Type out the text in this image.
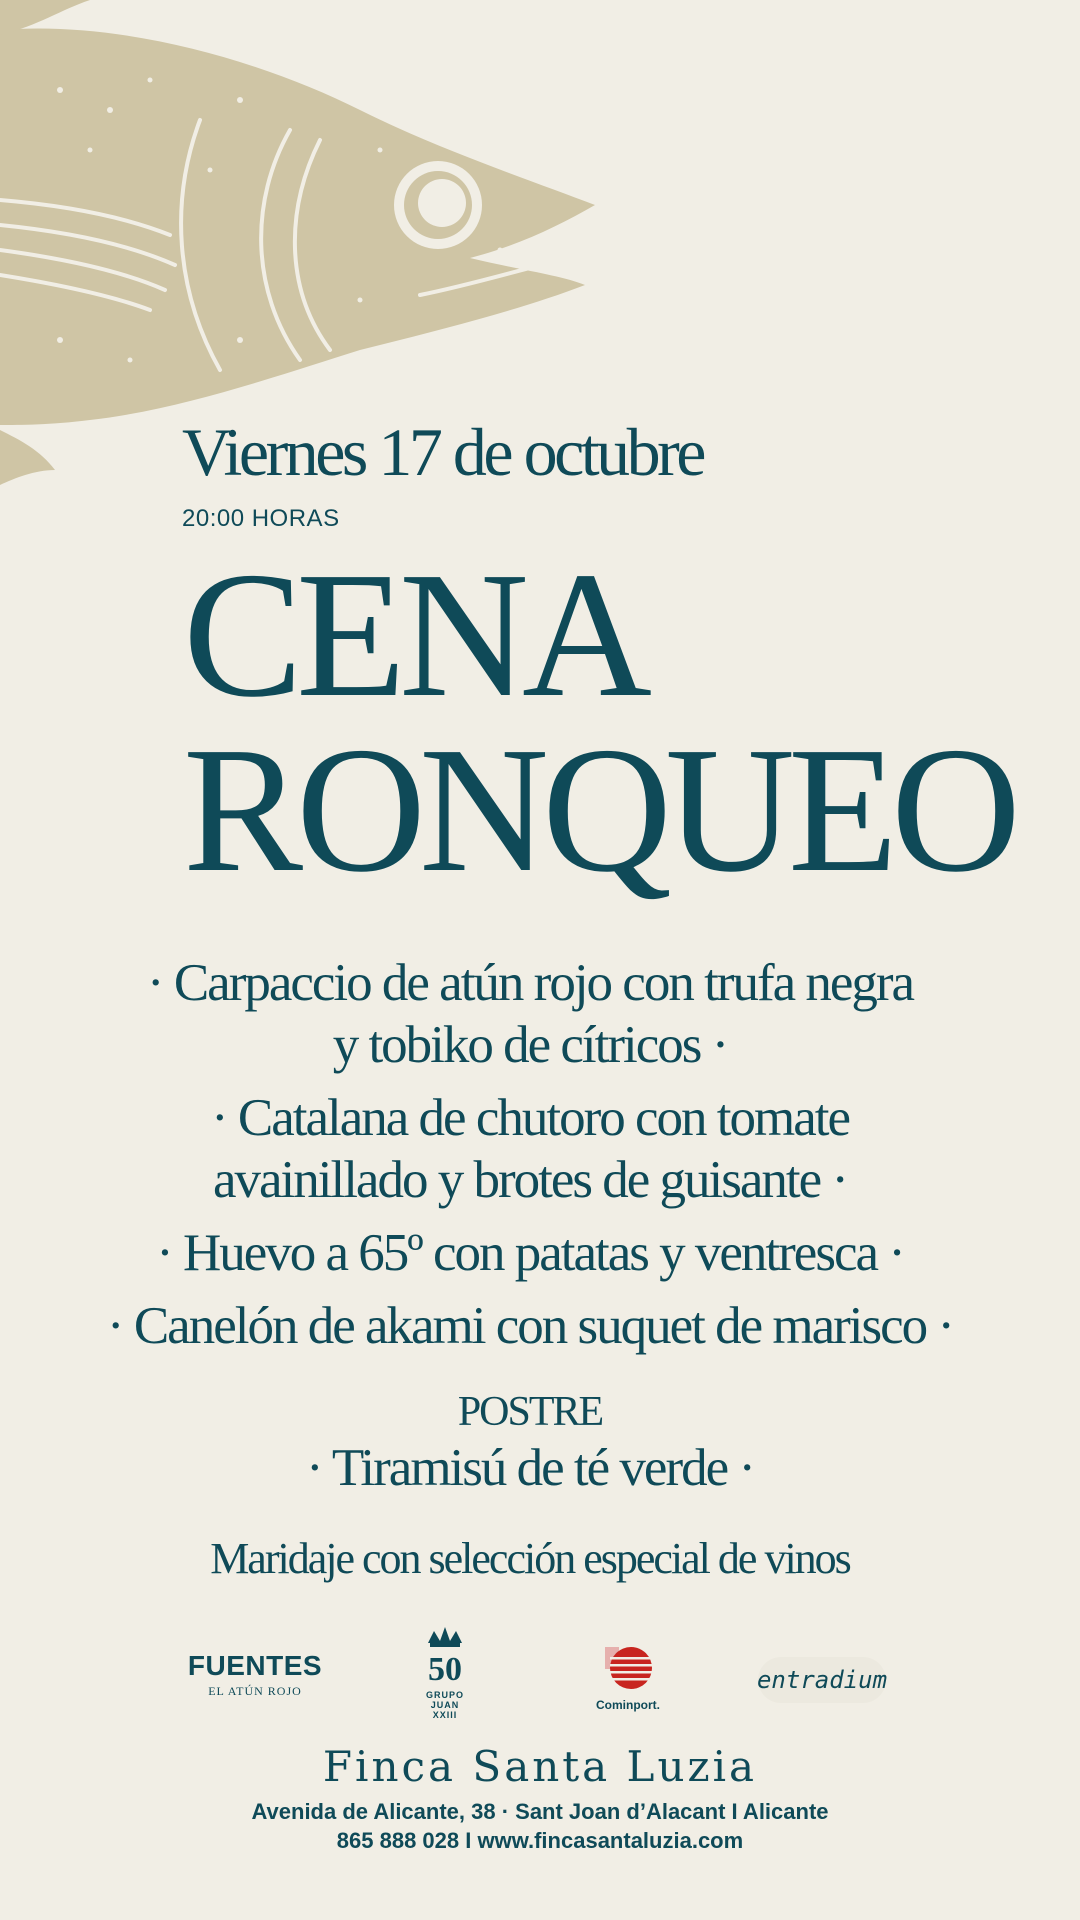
Viernes 17 de octubre
20:00 HORAS
CENA
RONQUEO
· Carpaccio de atún rojo con trufa negra
y tobiko de cítricos ·
· Catalana de chutoro con tomate
avainillado y brotes de guisante ·
· Huevo a 65º con patatas y ventresca ·
· Canelón de akami con suquet de marisco ·
POSTRE
· Tiramisú de té verde ·
Maridaje con selección especial de vinos
FUENTES
EL ATÚN ROJO
50
GRUPO
JUAN
XXIII
Cominport.
entradium
Finca Santa Luzia
Avenida de Alicante, 38 · Sant Joan d’Alacant I Alicante
865 888 028 I www.fincasantaluzia.com
